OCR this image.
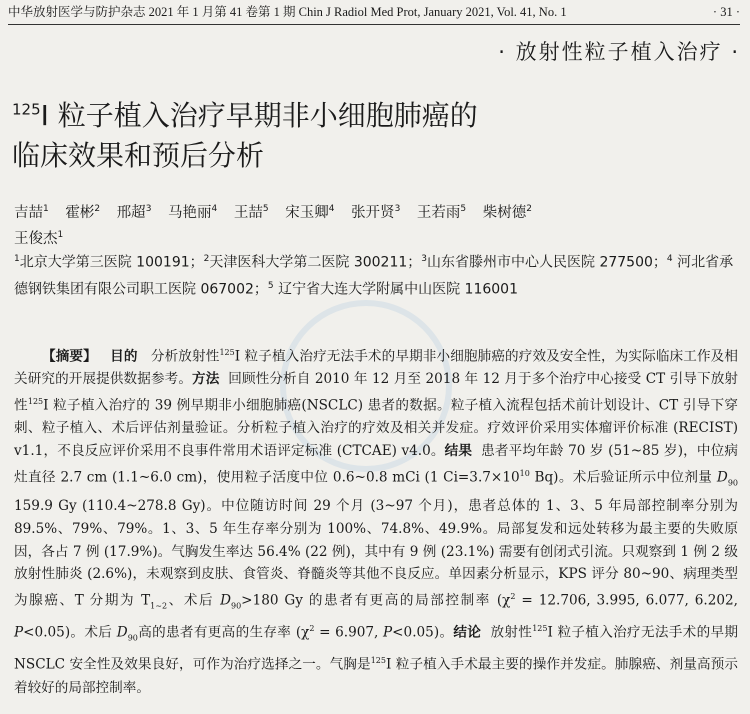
中华放射医学与防护杂志 2021 年 1 月第 41 卷第 1 期 Chin J Radiol Med Prot, January 2021, Vol. 41, No. 1	· 31 ·
· 放射性粒子植入治疗 ·
$^{125}$I 粒子植入治疗早期非小细胞肺癌的
临床效果和预后分析
吉喆$^1$ 霍彬$^2$ 邢超$^3$ 马艳丽$^4$ 王喆$^5$ 宋玉卿$^4$ 张开贤$^3$ 王若雨$^5$ 柴树德$^2$
王俊杰$^1$
$^1$北京大学第三医院 100191；$^2$天津医科大学第二医院 300211；$^3$山东省滕州市中心人民医院 277500；$^4$ 河北省承德钢铁集团有限公司职工医院 067002；$^5$ 辽宁省大连大学附属中山医院 116001
【摘要】 目的 分析放射性$^{125}$I 粒子植入治疗无法手术的早期非小细胞肺癌的疗效及安全性，为实际临床工作及相关研究的开展提供数据参考。方法 回顾性分析自 2010 年 12 月至 2018 年 12 月于多个治疗中心接受 CT 引导下放射性$^{125}$I 粒子植入治疗的 39 例早期非小细胞肺癌(NSCLC) 患者的数据。粒子植入流程包括术前计划设计、CT 引导下穿刺、粒子植入、术后评估剂量验证。分析粒子植入治疗的疗效及相关并发症。疗效评价采用实体瘤评价标准 (RECIST) v1.1，不良反应评价采用不良事件常用术语评定标准 (CTCAE) v4.0。结果 患者平均年龄 70 岁 (51~85 岁)，中位病灶直径 2.7 cm (1.1~6.0 cm)，使用粒子活度中位 0.6~0.8 mCi (1 $Ci=3.7\times 10^{10}$ Bq)。术后验证所示中位剂量 $D_{90}$ 159.9 Gy (110.4~278.8 Gy)。中位随访时间 29 个月 (3~97 个月)，患者总体的 1、3、5 年局部控制率分别为 89.5%、79%、79%。1、3、5 年生存率分别为 100%、74.8%、49.9%。局部复发和远处转移为最主要的失败原因，各占 7 例 (17.9%)。气胸发生率达 56.4% (22 例)，其中有 9 例 (23.1%) 需要有创闭式引流。只观察到 1 例 2 级放射性肺炎 (2.6%)，未观察到皮肤、食管炎、脊髓炎等其他不良反应。单因素分析显示，KPS 评分 80~90、病理类型为腺癌、T 分期为 $T_{1\sim 2}$、术后 $D_{90}>180$ Gy 的患者有更高的局部控制率 ($\chi^2 = 12.706$, 3.995, 6.077, 6.202, P<0.05)。术后 $D_{90}$高的患者有更高的生存率 ($\chi^2 = 6.907$, P<0.05)。结论 放射性$^{125}$I 粒子植入治疗无法手术的早期 NSCLC 安全性及效果良好，可作为治疗选择之一。气胸是$^{125}$I 粒子植入手术最主要的操作并发症。肺腺癌、剂量高预示着较好的局部控制率。
